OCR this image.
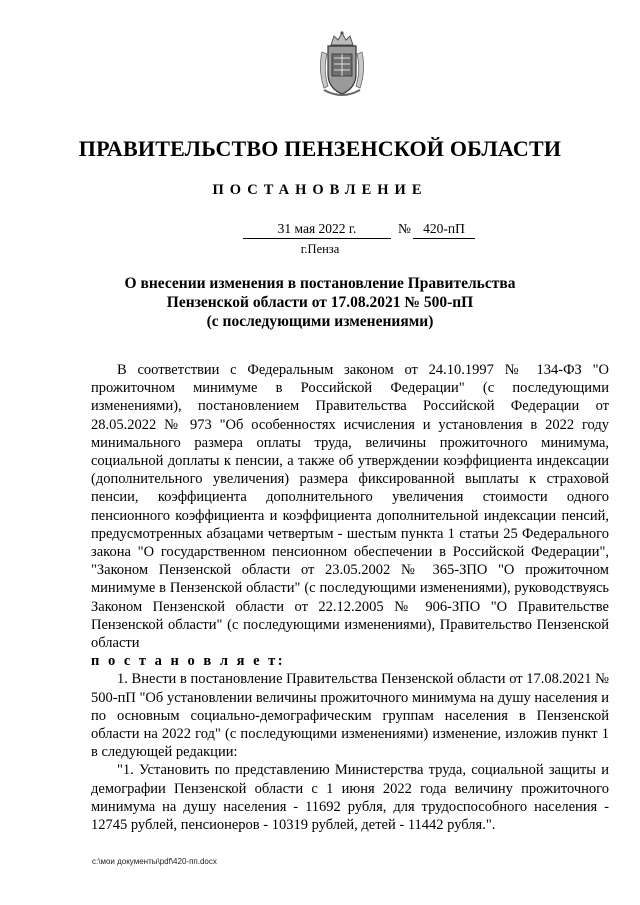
ПРАВИТЕЛЬСТВО ПЕНЗЕНСКОЙ ОБЛАСТИ
ПОСТАНОВЛЕНИЕ
31 мая 2022 г.	№ 420-пП
г.Пенза
О внесении изменения в постановление Правительства
Пензенской области от 17.08.2021 № 500-пП
(с последующими изменениями)

В соответствии с Федеральным законом от 24.10.1997 № 134-ФЗ "О прожиточном минимуме в Российской Федерации" (с последующими изменениями), постановлением Правительства Российской Федерации от 28.05.2022 № 973 "Об особенностях исчисления и установления в 2022 году минимального размера оплаты труда, величины прожиточного минимума, социальной доплаты к пенсии, а также об утверждении коэффициента индексации (дополнительного увеличения) размера фиксированной выплаты к страховой пенсии, коэффициента дополнительного увеличения стоимости одного пенсионного коэффициента и коэффициента дополнительной индексации пенсий, предусмотренных абзацами четвертым - шестым пункта 1 статьи 25 Федерального закона "О государственном пенсионном обеспечении в Российской Федерации", "Законом Пензенской области от 23.05.2002 № 365-ЗПО "О прожиточном минимуме в Пензенской области" (с последующими изменениями), руководствуясь Законом Пензенской области от 22.12.2005 № 906-ЗПО "О Правительстве Пензенской области" (с последующими изменениями), Правительство Пензенской области

п о с т а н о в л я е т:

1. Внести в постановление Правительства Пензенской области от 17.08.2021 № 500-пП "Об установлении величины прожиточного минимума на душу населения и по основным социально-демографическим группам населения в Пензенской области на 2022 год" (с последующими изменениями) изменение, изложив пункт 1 в следующей редакции:

"1. Установить по представлению Министерства труда, социальной защиты и демографии Пензенской области с 1 июня 2022 года величину прожиточного минимума на душу населения - 11692 рубля, для трудоспособного населения - 12745 рублей, пенсионеров - 10319 рублей, детей - 11442 рубля.".

c:\мои документы\pdf\420-пп.docx
